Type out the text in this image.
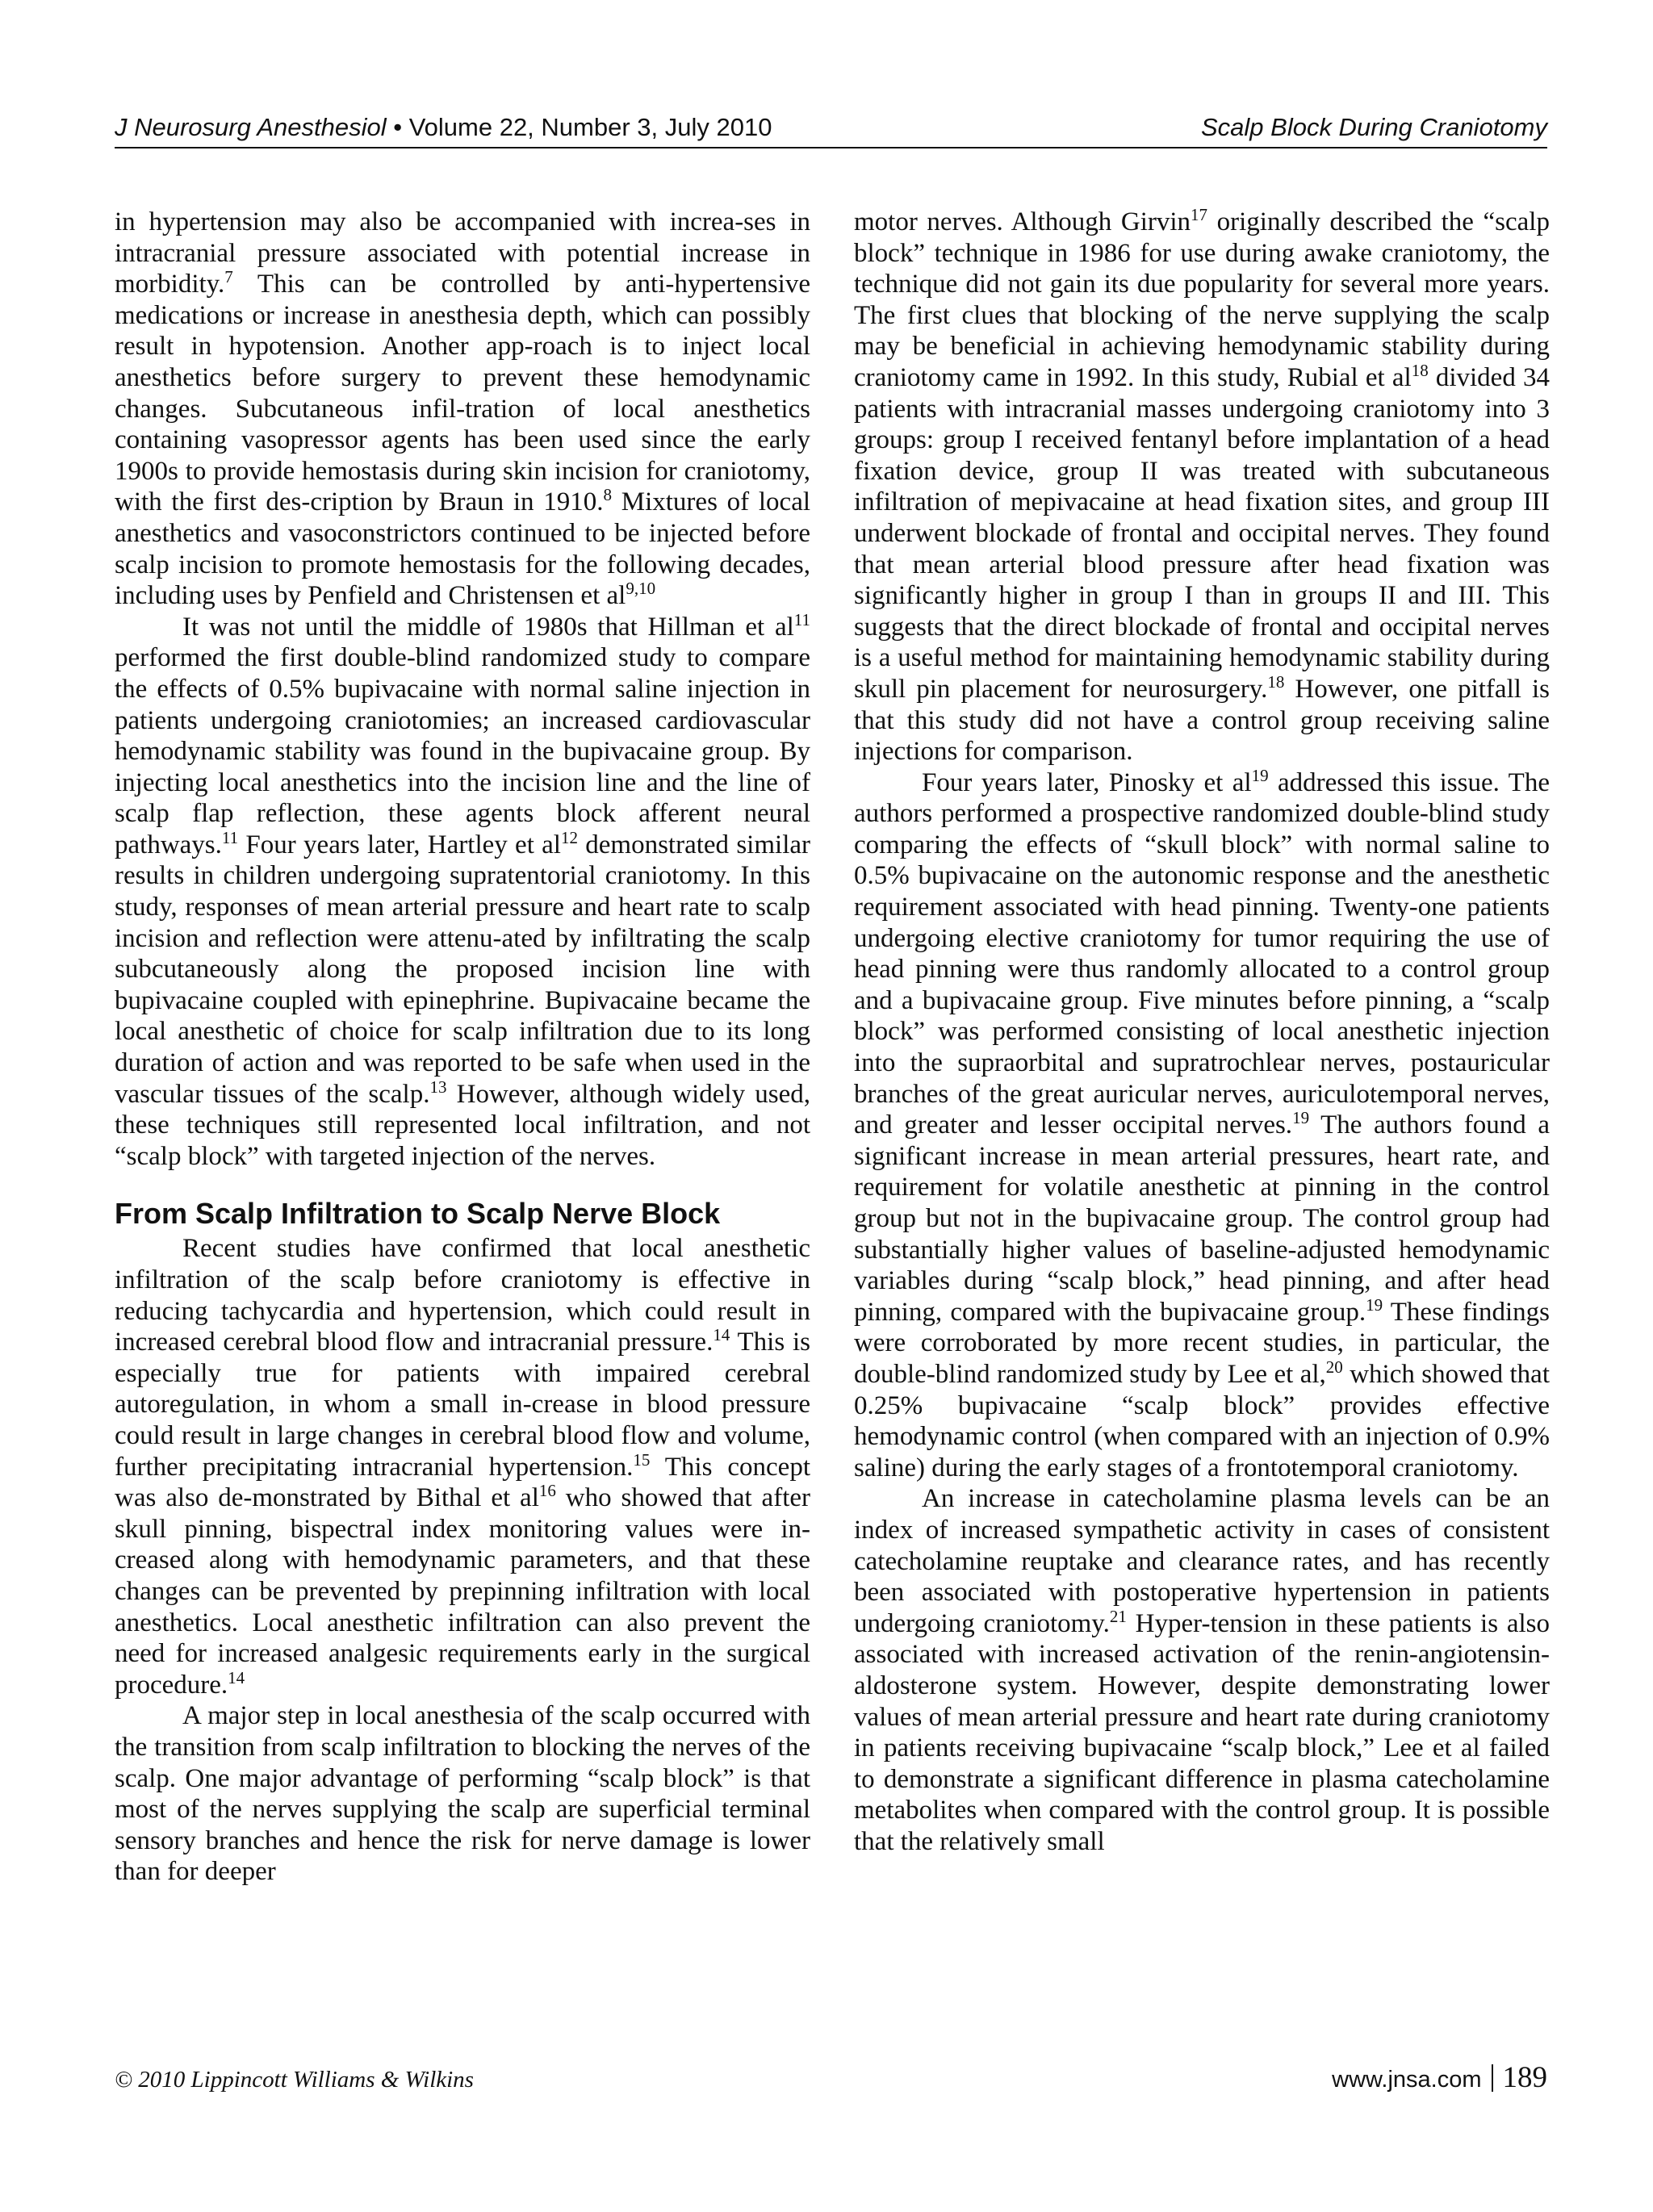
J Neurosurg Anesthesiol • Volume 22, Number 3, July 2010	Scalp Block During Craniotomy

in hypertension may also be accompanied with increa-ses in intracranial pressure associated with potential increase in morbidity.$^7$ This can be controlled by anti-hypertensive medications or increase in anesthesia depth, which can possibly result in hypotension. Another app-roach is to inject local anesthetics before surgery to prevent these hemodynamic changes. Subcutaneous infil-tration of local anesthetics containing vasopressor agents has been used since the early 1900s to provide hemostasis during skin incision for craniotomy, with the first des-cription by Braun in 1910.$^8$ Mixtures of local anesthetics and vasoconstrictors continued to be injected before scalp incision to promote hemostasis for the following decades, including uses by Penfield and Christensen et al$^{9,10}$

It was not until the middle of 1980s that Hillman et $al^{11}$ performed the first double-blind randomized study to compare the effects of 0.5% bupivacaine with normal saline injection in patients undergoing craniotomies; an increased cardiovascular hemodynamic stability was found in the bupivacaine group. By injecting local anesthetics into the incision line and the line of scalp flap reflection, these agents block afferent neural pathways.$^{11}$ Four years later, Hartley et $al^{12}$ demonstrated similar results in children undergoing supratentorial craniotomy. In this study, responses of mean arterial pressure and heart rate to scalp incision and reflection were attenu-ated by infiltrating the scalp subcutaneously along the proposed incision line with bupivacaine coupled with epinephrine. Bupivacaine became the local anesthetic of choice for scalp infiltration due to its long duration of action and was reported to be safe when used in the vascular tissues of the scalp.$^{13}$ However, although widely used, these techniques still represented local infiltration, and not “scalp block” with targeted injection of the nerves.

From Scalp Infiltration to Scalp Nerve Block

Recent studies have confirmed that local anesthetic infiltration of the scalp before craniotomy is effective in reducing tachycardia and hypertension, which could result in increased cerebral blood flow and intracranial pressure.$^{14}$ This is especially true for patients with impaired cerebral autoregulation, in whom a small in-crease in blood pressure could result in large changes in cerebral blood flow and volume, further precipitating intracranial hypertension.$^{15}$ This concept was also de-monstrated by Bithal et $al^{16}$ who showed that after skull pinning, bispectral index monitoring values were in-creased along with hemodynamic parameters, and that these changes can be prevented by prepinning infiltration with local anesthetics. Local anesthetic infiltration can also prevent the need for increased analgesic requirements early in the surgical procedure.$^{14}$

A major step in local anesthesia of the scalp occurred with the transition from scalp infiltration to blocking the nerves of the scalp. One major advantage of performing “scalp block” is that most of the nerves supplying the scalp are superficial terminal sensory branches and hence the risk for nerve damage is lower than for deeper

motor nerves. Although Girvin$^{17}$ originally described the “scalp block” technique in 1986 for use during awake craniotomy, the technique did not gain its due popularity for several more years. The first clues that blocking of the nerve supplying the scalp may be beneficial in achieving hemodynamic stability during craniotomy came in 1992. In this study, Rubial et $al^{18}$ divided 34 patients with intracranial masses undergoing craniotomy into 3 groups: group I received fentanyl before implantation of a head fixation device, group II was treated with subcutaneous infiltration of mepivacaine at head fixation sites, and group III underwent blockade of frontal and occipital nerves. They found that mean arterial blood pressure after head fixation was significantly higher in group I than in groups II and III. This suggests that the direct blockade of frontal and occipital nerves is a useful method for maintaining hemodynamic stability during skull pin placement for neurosurgery.$^{18}$ However, one pitfall is that this study did not have a control group receiving saline injections for comparison.

Four years later, Pinosky et $al^{19}$ addressed this issue. The authors performed a prospective randomized double-blind study comparing the effects of “skull block” with normal saline to 0.5% bupivacaine on the autonomic response and the anesthetic requirement associated with head pinning. Twenty-one patients undergoing elective craniotomy for tumor requiring the use of head pinning were thus randomly allocated to a control group and a bupivacaine group. Five minutes before pinning, a “scalp block” was performed consisting of local anesthetic injection into the supraorbital and supratrochlear nerves, postauricular branches of the great auricular nerves, auriculotemporal nerves, and greater and lesser occipital nerves.$^{19}$ The authors found a significant increase in mean arterial pressures, heart rate, and requirement for volatile anesthetic at pinning in the control group but not in the bupivacaine group. The control group had substantially higher values of baseline-adjusted hemodynamic variables during “scalp block,” head pinning, and after head pinning, compared with the bupivacaine group.$^{19}$ These findings were corroborated by more recent studies, in particular, the double-blind randomized study by Lee et al,$^{20}$ which showed that 0.25% bupivacaine “scalp block” provides effective hemodynamic control (when compared with an injection of 0.9% saline) during the early stages of a frontotemporal craniotomy.

An increase in catecholamine plasma levels can be an index of increased sympathetic activity in cases of consistent catecholamine reuptake and clearance rates, and has recently been associated with postoperative hypertension in patients undergoing craniotomy.$^{21}$ Hyper-tension in these patients is also associated with increased activation of the renin-angiotensin-aldosterone system. However, despite demonstrating lower values of mean arterial pressure and heart rate during craniotomy in patients receiving bupivacaine “scalp block,” Lee et al failed to demonstrate a significant difference in plasma catecholamine metabolites when compared with the control group. It is possible that the relatively small

© 2010 Lippincott Williams & Wilkins	www.jnsa.com 189
